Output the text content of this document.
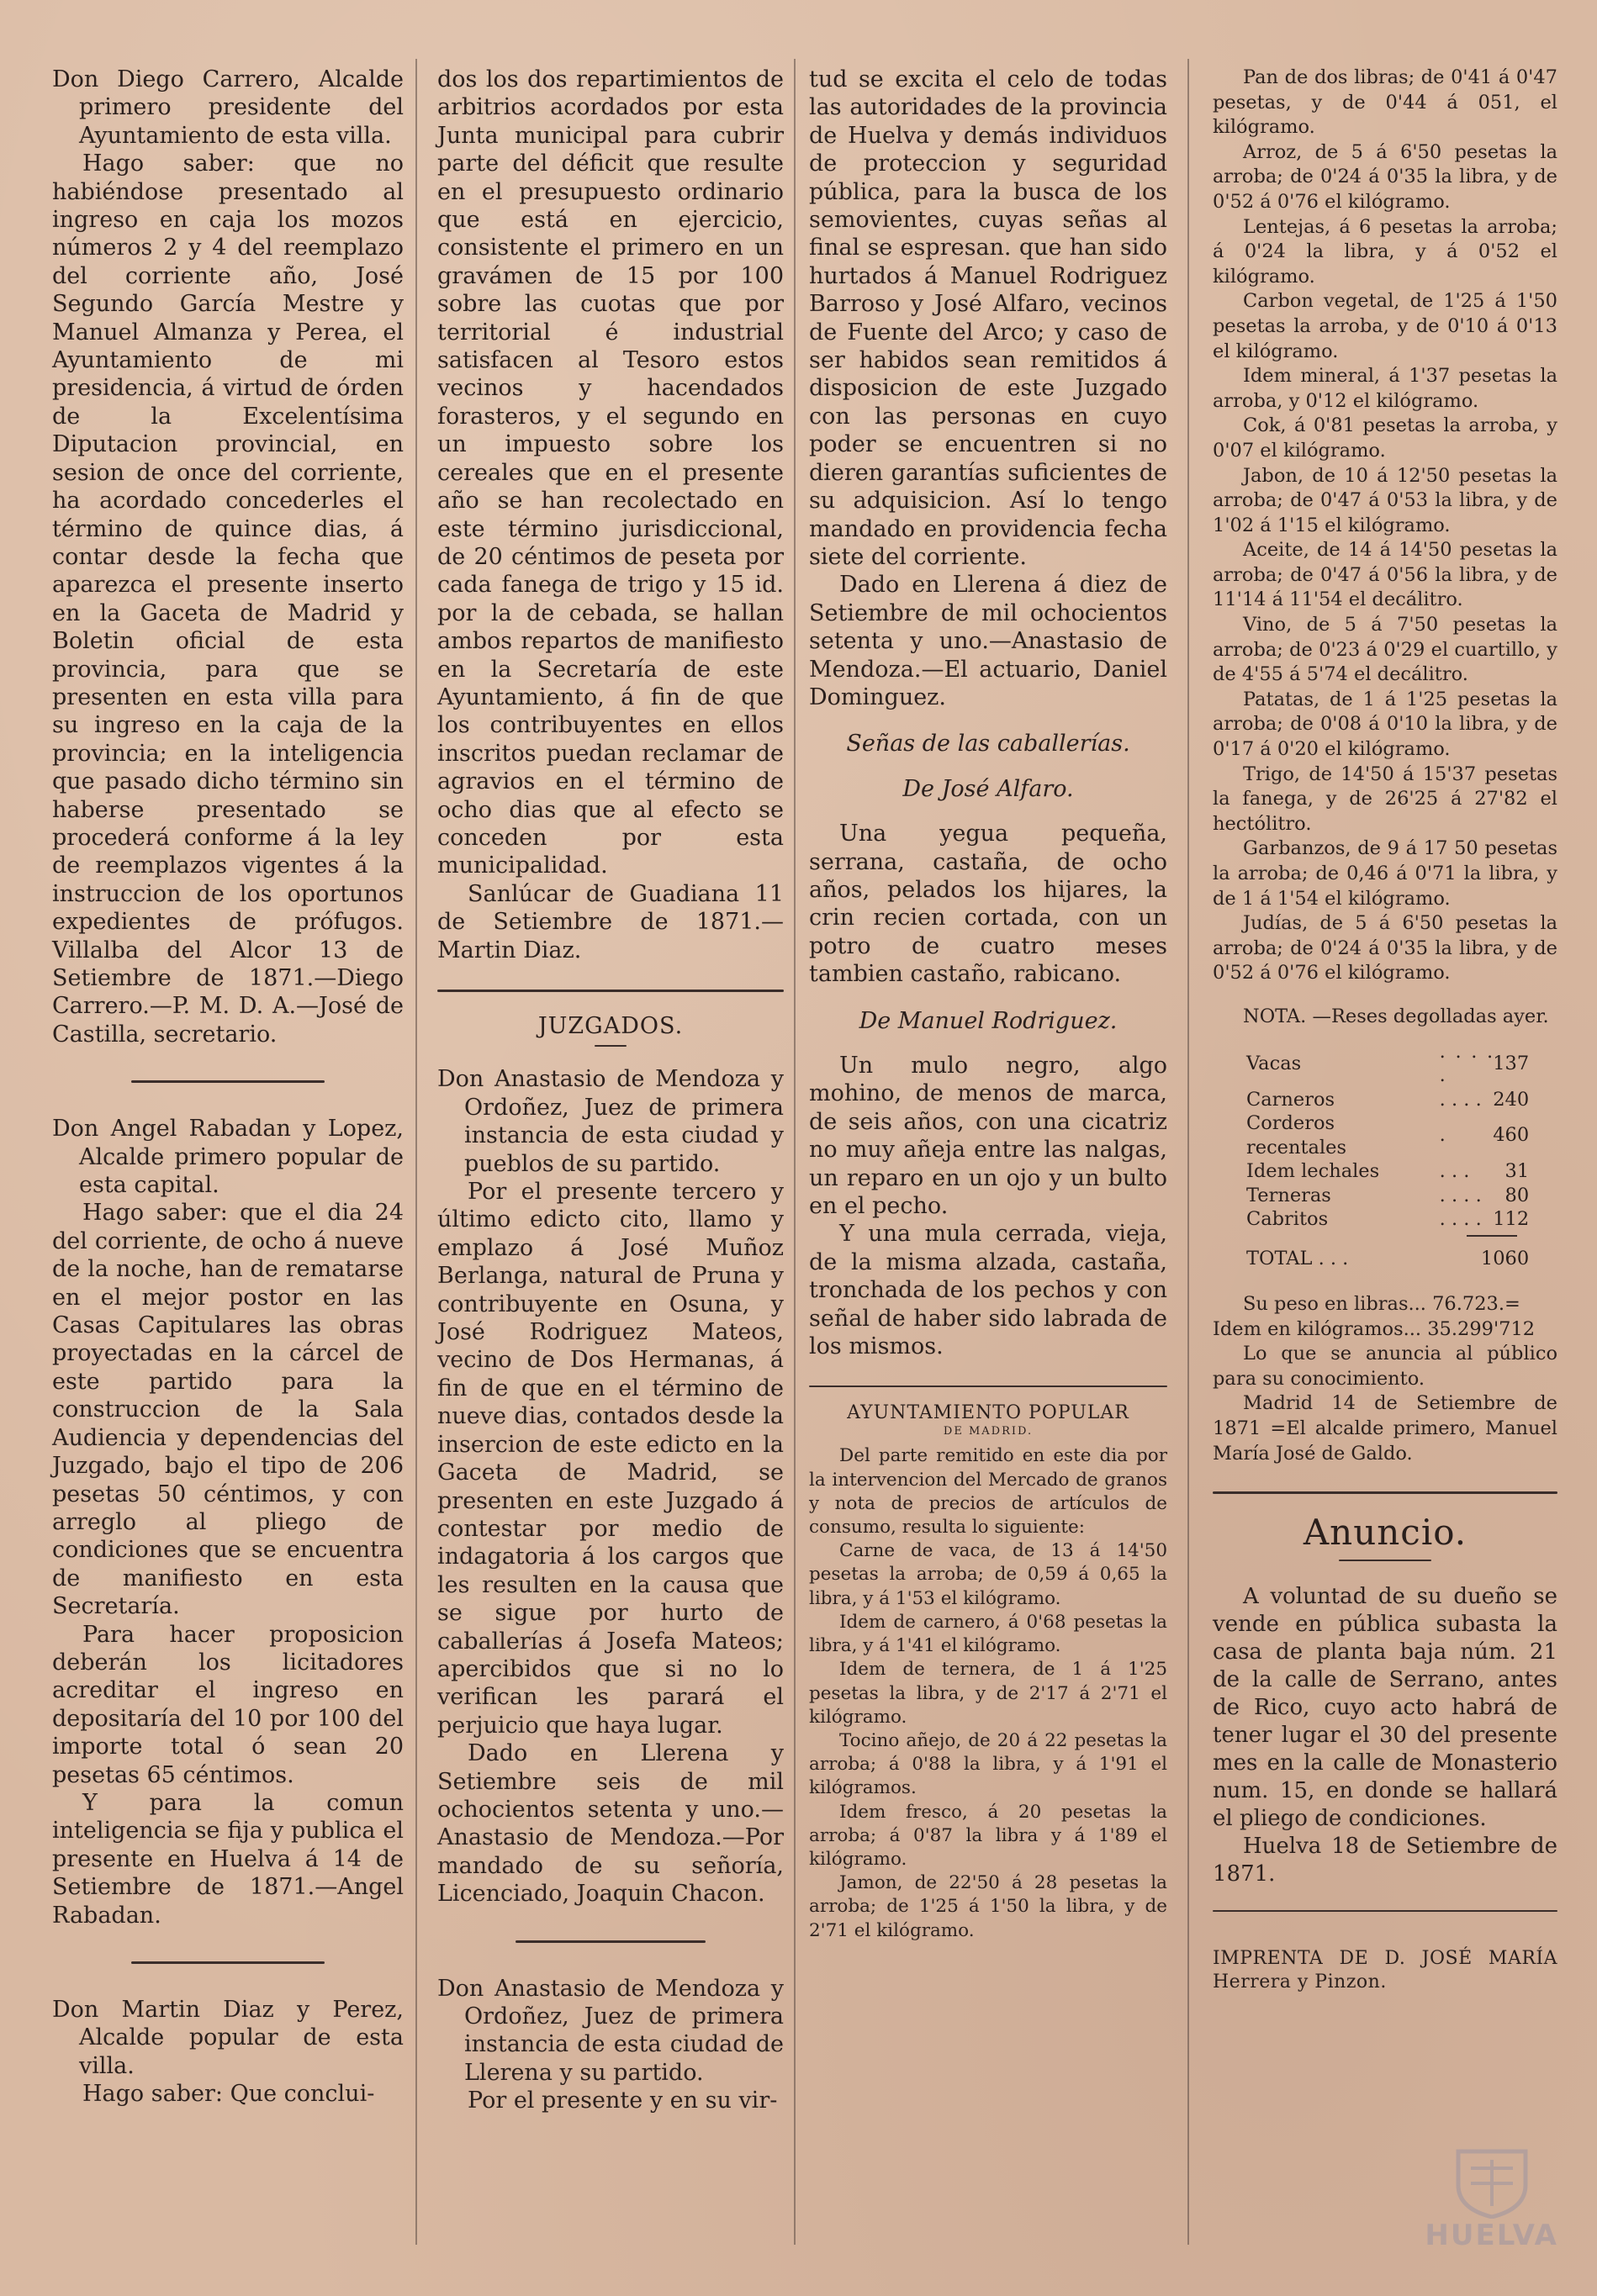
Don Diego Carrero, Alcalde primero presidente del Ayuntamiento de esta villa.

Hago saber: que no habiéndose presentado al ingreso en caja los mozos números 2 y 4 del reemplazo del corriente año, José Segundo García Mestre y Manuel Almanza y Perea, el Ayuntamiento de mi presidencia, á virtud de órden de la Excelentísima Diputacion provincial, en sesion de once del corriente, ha acordado concederles el término de quince dias, á contar desde la fecha que aparezca el presente inserto en la Gaceta de Madrid y Boletin oficial de esta provincia, para que se presenten en esta villa para su ingreso en la caja de la provincia; en la inteligencia que pasado dicho término sin haberse presentado se procederá conforme á la ley de reemplazos vigentes á la instruccion de los oportunos expedientes de prófugos. Villalba del Alcor 13 de Setiembre de 1871.—Diego Carrero.—P. M. D. A.—José de Castilla, secretario.

Don Angel Rabadan y Lopez, Alcalde primero popular de esta capital.

Hago saber: que el dia 24 del corriente, de ocho á nueve de la noche, han de rematarse en el mejor postor en las Casas Capitulares las obras proyectadas en la cárcel de este partido para la construccion de la Sala Audiencia y dependencias del Juzgado, bajo el tipo de 206 pesetas 50 céntimos, y con arreglo al pliego de condiciones que se encuentra de manifiesto en esta Secretaría.

Para hacer proposicion deberán los licitadores acreditar el ingreso en depositaría del 10 por 100 del importe total ó sean 20 pesetas 65 céntimos.

Y para la comun inteligencia se fija y publica el presente en Huelva á 14 de Setiembre de 1871.—Angel Rabadan.

Don Martin Diaz y Perez, Alcalde popular de esta villa.

Hago saber: Que conclui-

dos los dos repartimientos de arbitrios acordados por esta Junta municipal para cubrir parte del déficit que resulte en el presupuesto ordinario que está en ejercicio, consistente el primero en un gravámen de 15 por 100 sobre las cuotas que por territorial é industrial satisfacen al Tesoro estos vecinos y hacendados forasteros, y el segundo en un impuesto sobre los cereales que en el presente año se han recolectado en este término jurisdiccional, de 20 céntimos de peseta por cada fanega de trigo y 15 id. por la de cebada, se hallan ambos repartos de manifiesto en la Secretaría de este Ayuntamiento, á fin de que los contribuyentes en ellos inscritos puedan reclamar de agravios en el término de ocho dias que al efecto se conceden por esta municipalidad.

Sanlúcar de Guadiana 11 de Setiembre de 1871.—Martin Diaz.

JUZGADOS.

Don Anastasio de Mendoza y Ordoñez, Juez de primera instancia de esta ciudad y pueblos de su partido.

Por el presente tercero y último edicto cito, llamo y emplazo á José Muñoz Berlanga, natural de Pruna y contribuyente en Osuna, y José Rodriguez Mateos, vecino de Dos Hermanas, á fin de que en el término de nueve dias, contados desde la insercion de este edicto en la Gaceta de Madrid, se presenten en este Juzgado á contestar por medio de indagatoria á los cargos que les resulten en la causa que se sigue por hurto de caballerías á Josefa Mateos; apercibidos que si no lo verifican les parará el perjuicio que haya lugar.

Dado en Llerena y Setiembre seis de mil ochocientos setenta y uno.—Anastasio de Mendoza.—Por mandado de su señoría, Licenciado, Joaquin Chacon.

Don Anastasio de Mendoza y Ordoñez, Juez de primera instancia de esta ciudad de Llerena y su partido.

Por el presente y en su vir-

tud se excita el celo de todas las autoridades de la provincia de Huelva y demás individuos de proteccion y seguridad pública, para la busca de los semovientes, cuyas señas al final se espresan. que han sido hurtados á Manuel Rodriguez Barroso y José Alfaro, vecinos de Fuente del Arco; y caso de ser habidos sean remitidos á disposicion de este Juzgado con las personas en cuyo poder se encuentren si no dieren garantías suficientes de su adquisicion. Así lo tengo mandado en providencia fecha siete del corriente.

Dado en Llerena á diez de Setiembre de mil ochocientos setenta y uno.—Anastasio de Mendoza.—El actuario, Daniel Dominguez.

Señas de las caballerías.

De José Alfaro.

Una yegua pequeña, serrana, castaña, de ocho años, pelados los hijares, la crin recien cortada, con un potro de cuatro meses tambien castaño, rabicano.

De Manuel Rodriguez.

Un mulo negro, algo mohino, de menos de marca, de seis años, con una cicatriz no muy añeja entre las nalgas, un reparo en un ojo y un bulto en el pecho.

Y una mula cerrada, vieja, de la misma alzada, castaña, tronchada de los pechos y con señal de haber sido labrada de los mismos.

AYUNTAMIENTO POPULAR
DE MADRID.

Del parte remitido en este dia por la intervencion del Mercado de granos y nota de precios de artículos de consumo, resulta lo siguiente:

Carne de vaca, de 13 á 14'50 pesetas la arroba; de 0,59 á 0,65 la libra, y á 1'53 el kilógramo.

Idem de carnero, á 0'68 pesetas la libra, y á 1'41 el kilógramo.

Idem de ternera, de 1 á 1'25 pesetas la libra, y de 2'17 á 2'71 el kilógramo.

Tocino añejo, de 20 á 22 pesetas la arroba; á 0'88 la libra, y á 1'91 el kilógramos.

Idem fresco, á 20 pesetas la arroba; á 0'87 la libra y á 1'89 el kilógramo.

Jamon, de 22'50 á 28 pesetas la arroba; de 1'25 á 1'50 la libra, y de 2'71 el kilógramo.

Pan de dos libras; de 0'41 á 0'47 pesetas, y de 0'44 á 051, el kilógramo.

Arroz, de 5 á 6'50 pesetas la arroba; de 0'24 á 0'35 la libra, y de 0'52 á 0'76 el kilógramo.

Lentejas, á 6 pesetas la arroba; á 0'24 la libra, y á 0'52 el kilógramo.

Carbon vegetal, de 1'25 á 1'50 pesetas la arroba, y de 0'10 á 0'13 el kilógramo.

Idem mineral, á 1'37 pesetas la arroba, y 0'12 el kilógramo.

Cok, á 0'81 pesetas la arroba, y 0'07 el kilógramo.

Jabon, de 10 á 12'50 pesetas la arroba; de 0'47 á 0'53 la libra, y de 1'02 á 1'15 el kilógramo.

Aceite, de 14 á 14'50 pesetas la arroba; de 0'47 á 0'56 la libra, y de 11'14 á 11'54 el decálitro.

Vino, de 5 á 7'50 pesetas la arroba; de 0'23 á 0'29 el cuartillo, y de 4'55 á 5'74 el decálitro.

Patatas, de 1 á 1'25 pesetas la arroba; de 0'08 á 0'10 la libra, y de 0'17 á 0'20 el kilógramo.

Trigo, de 14'50 á 15'37 pesetas la fanega, y de 26'25 á 27'82 el hectólitro.

Garbanzos, de 9 á 17 50 pesetas la arroba; de 0,46 á 0'71 la libra, y de 1 á 1'54 el kilógramo.

Judías, de 5 á 6'50 pesetas la arroba; de 0'24 á 0'35 la libra, y de 0'52 á 0'76 el kilógramo.

NOTA. —Reses degolladas ayer.

Vacas	. . . . .	137
Carneros	. . . .	240
Corderos recentales	.	460
Idem lechales	. . .	31
Terneras	. . . .	80
Cabritos	. . . .	112
TOTAL . . .	1060

Su peso en libras... 76.723.=

Idem en kilógramos... 35.299'712

Lo que se anuncia al público para su conocimiento.

Madrid 14 de Setiembre de 1871 =El alcalde primero, Manuel María José de Galdo.

Anuncio.

A voluntad de su dueño se vende en pública subasta la casa de planta baja núm. 21 de la calle de Serrano, antes de Rico, cuyo acto habrá de tener lugar el 30 del presente mes en la calle de Monasterio num. 15, en donde se hallará el pliego de condiciones.

Huelva 18 de Setiembre de 1871.

IMPRENTA DE D. JOSÉ MARÍA Herrera y Pinzon.

HUELVA
